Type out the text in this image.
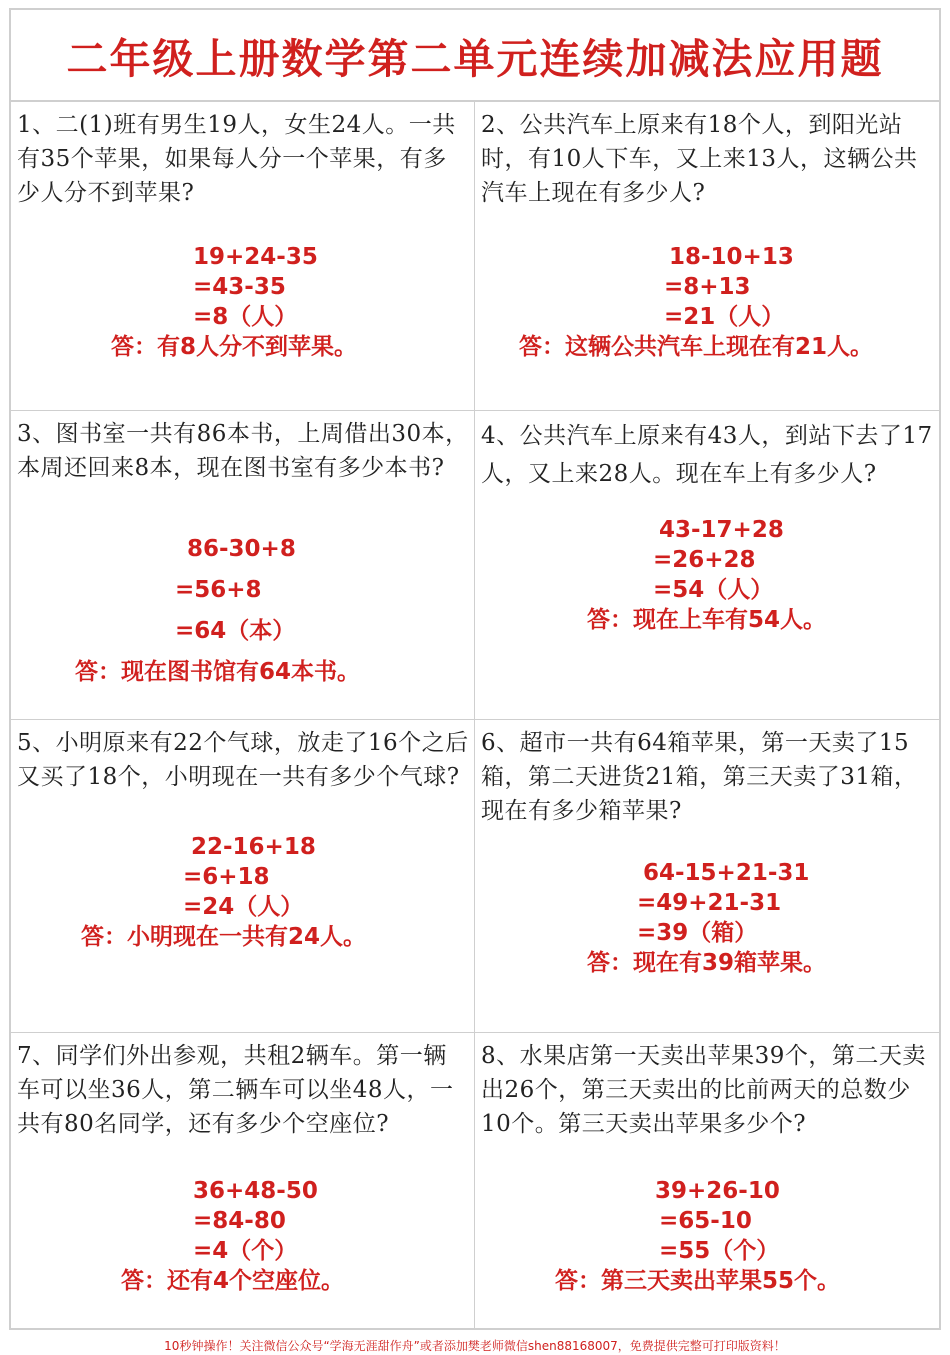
二年级上册数学第二单元连续加减法应用题
1、二(1)班有男生19人，女生24人。一共有35个苹果，如果每人分一个苹果，有多少人分不到苹果?
19+24-35
=43-35
=8（人）
答：有8人分不到苹果。
2、公共汽车上原来有18个人，到阳光站时，有10人下车，又上来13人，这辆公共汽车上现在有多少人?
18-10+13
=8+13
=21（人）
答：这辆公共汽车上现在有21人。
3、图书室一共有86本书，上周借出30本，本周还回来8本，现在图书室有多少本书?
86-30+8
=56+8
=64（本）
答：现在图书馆有64本书。
4、公共汽车上原来有43人，到站下去了17人，又上来28人。现在车上有多少人?
43-17+28
=26+28
=54（人）
答：现在上车有54人。
5、小明原来有22个气球，放走了16个之后又买了18个，小明现在一共有多少个气球?
22-16+18
=6+18
=24（人）
答：小明现在一共有24人。
6、超市一共有64箱苹果，第一天卖了15箱，第二天进货21箱，第三天卖了31箱，现在有多少箱苹果?
64-15+21-31
=49+21-31
=39（箱）
答：现在有39箱苹果。
7、同学们外出参观，共租2辆车。第一辆车可以坐36人，第二辆车可以坐48人，一共有80名同学，还有多少个空座位?
36+48-50
=84-80
=4（个）
答：还有4个空座位。
8、水果店第一天卖出苹果39个，第二天卖出26个，第三天卖出的比前两天的总数少10个。第三天卖出苹果多少个?
39+26-10
=65-10
=55（个）
答：第三天卖出苹果55个。
10秒钟操作！关注微信公众号“学海无涯甜作舟”或者添加樊老师微信shen88168007，免费提供完整可打印版资料！
